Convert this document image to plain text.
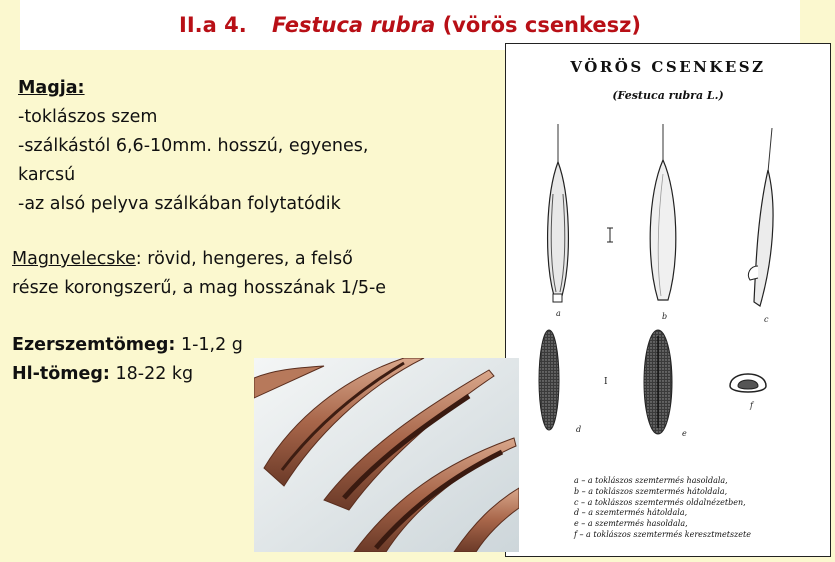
II.a 4. Festuca rubra (vörös csenkesz)
Magja:
-toklászos szem
-szálkástól 6,6-10mm. hosszú, egyenes,
karcsú
-az alsó pelyva szálkában folytatódik
Magnyelecske: rövid, hengeres, a felső
része korongszerű, a mag hosszának 1/5-e
Ezerszemtömeg: 1-1,2 g
Hl-tömeg: 18-22 kg
VÖRÖS CSENKESZ
(Festuca rubra L.)
a	b	c
d
I
e
f
a – a toklászos szemtermés hasoldala,
b – a toklászos szemtermés hátoldala,
c – a toklászos szemtermés oldalnézetben,
d – a szemtermés hátoldala,
e – a szemtermés hasoldala,
f – a toklászos szemtermés keresztmetszete
